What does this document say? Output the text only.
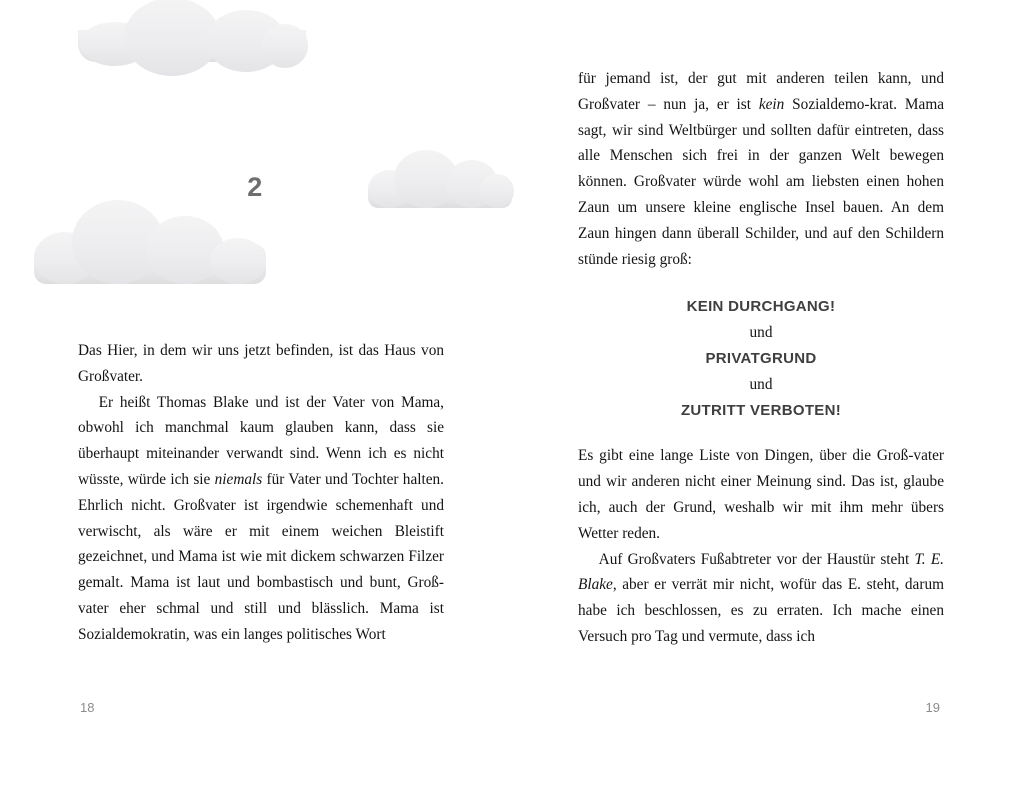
2

Das Hier, in dem wir uns jetzt befinden, ist das Haus von Großvater.

Er heißt Thomas Blake und ist der Vater von Mama, obwohl ich manchmal kaum glauben kann, dass sie überhaupt miteinander verwandt sind. Wenn ich es nicht wüsste, würde ich sie niemals für Vater und Tochter halten. Ehrlich nicht. Großvater ist irgendwie schemenhaft und verwischt, als wäre er mit einem weichen Bleistift gezeichnet, und Mama ist wie mit dickem schwarzen Filzer gemalt. Mama ist laut und bombastisch und bunt, Groß-vater eher schmal und still und blässlich. Mama ist Sozialdemokratin, was ein langes politisches Wort

18

für jemand ist, der gut mit anderen teilen kann, und Großvater – nun ja, er ist kein Sozialdemo-krat. Mama sagt, wir sind Weltbürger und sollten dafür eintreten, dass alle Menschen sich frei in der ganzen Welt bewegen können. Großvater würde wohl am liebsten einen hohen Zaun um unsere kleine englische Insel bauen. An dem Zaun hingen dann überall Schilder, und auf den Schildern stünde riesig groß:

KEIN DURCHGANG!
und
PRIVATGRUND
und
ZUTRITT VERBOTEN!

Es gibt eine lange Liste von Dingen, über die Groß-vater und wir anderen nicht einer Meinung sind. Das ist, glaube ich, auch der Grund, weshalb wir mit ihm mehr übers Wetter reden.

Auf Großvaters Fußabtreter vor der Haustür steht T. E. Blake, aber er verrät mir nicht, wofür das E. steht, darum habe ich beschlossen, es zu erraten. Ich mache einen Versuch pro Tag und vermute, dass ich

19
